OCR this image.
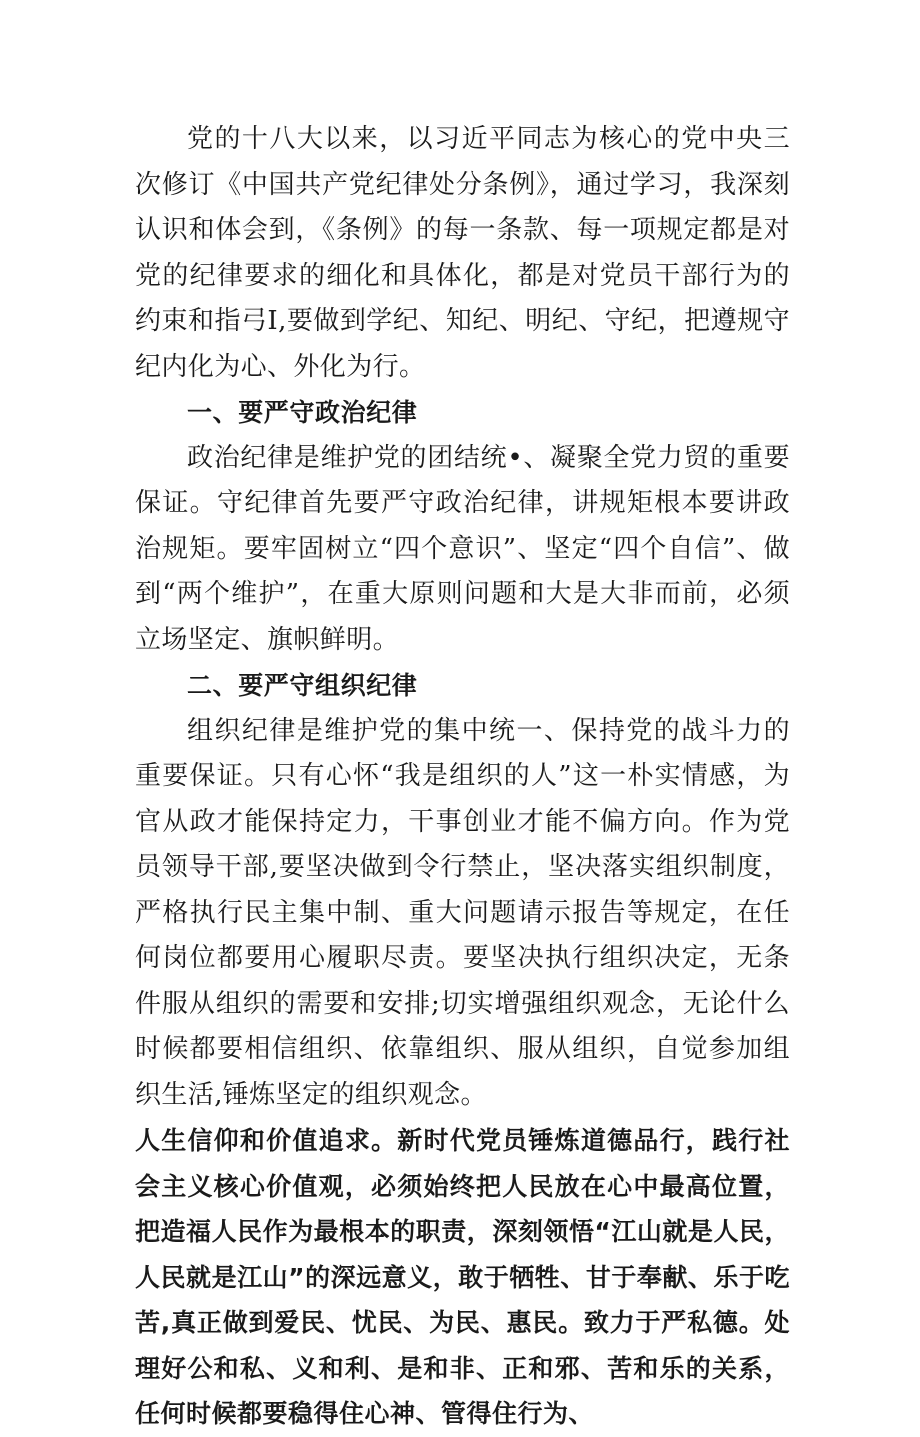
党的十八大以来，以习近平同志为核心的党中央三次修订《中国共产党纪律处分条例》，通过学习，我深刻认识和体会到，《条例》的每一条款、每一项规定都是对党的纪律要求的细化和具体化，都是对党员干部行为的约束和指弓I,要做到学纪、知纪、明纪、守纪，把遵规守纪内化为心、外化为行。

一、要严守政治纪律

政治纪律是维护党的团结统•、凝聚全党力贸的重要保证。守纪律首先要严守政治纪律，讲规矩根本要讲政治规矩。要牢固树立“四个意识”、坚定“四个自信”、做到“两个维护”，在重大原则问题和大是大非而前，必须立场坚定、旗帜鲜明。

二、要严守组织纪律

组织纪律是维护党的集中统一、保持党的战斗力的重要保证。只有心怀“我是组织的人”这一朴实情感，为官从政才能保持定力，干事创业才能不偏方向。作为党员领导干部,要坚决做到令行禁止，坚决落实组织制度，严格执行民主集中制、重大问题请示报告等规定，在任何岗位都要用心履职尽责。要坚决执行组织决定，无条件服从组织的需要和安排;切实增强组织观念，无论什么时候都要相信组织、依靠组织、服从组织，自觉参加组织生活,锤炼坚定的组织观念。

人生信仰和价值追求。新时代党员锤炼道德品行，践行社会主义核心价值观，必须始终把人民放在心中最高位置，把造福人民作为最根本的职责，深刻领悟“江山就是人民，人民就是江山”的深远意义，敢于牺牲、甘于奉献、乐于吃苦,真正做到爱民、忧民、为民、惠民。致力于严私德。处理好公和私、义和利、是和非、正和邪、苦和乐的关系，任何时候都要稳得住心神、管得住行为、
